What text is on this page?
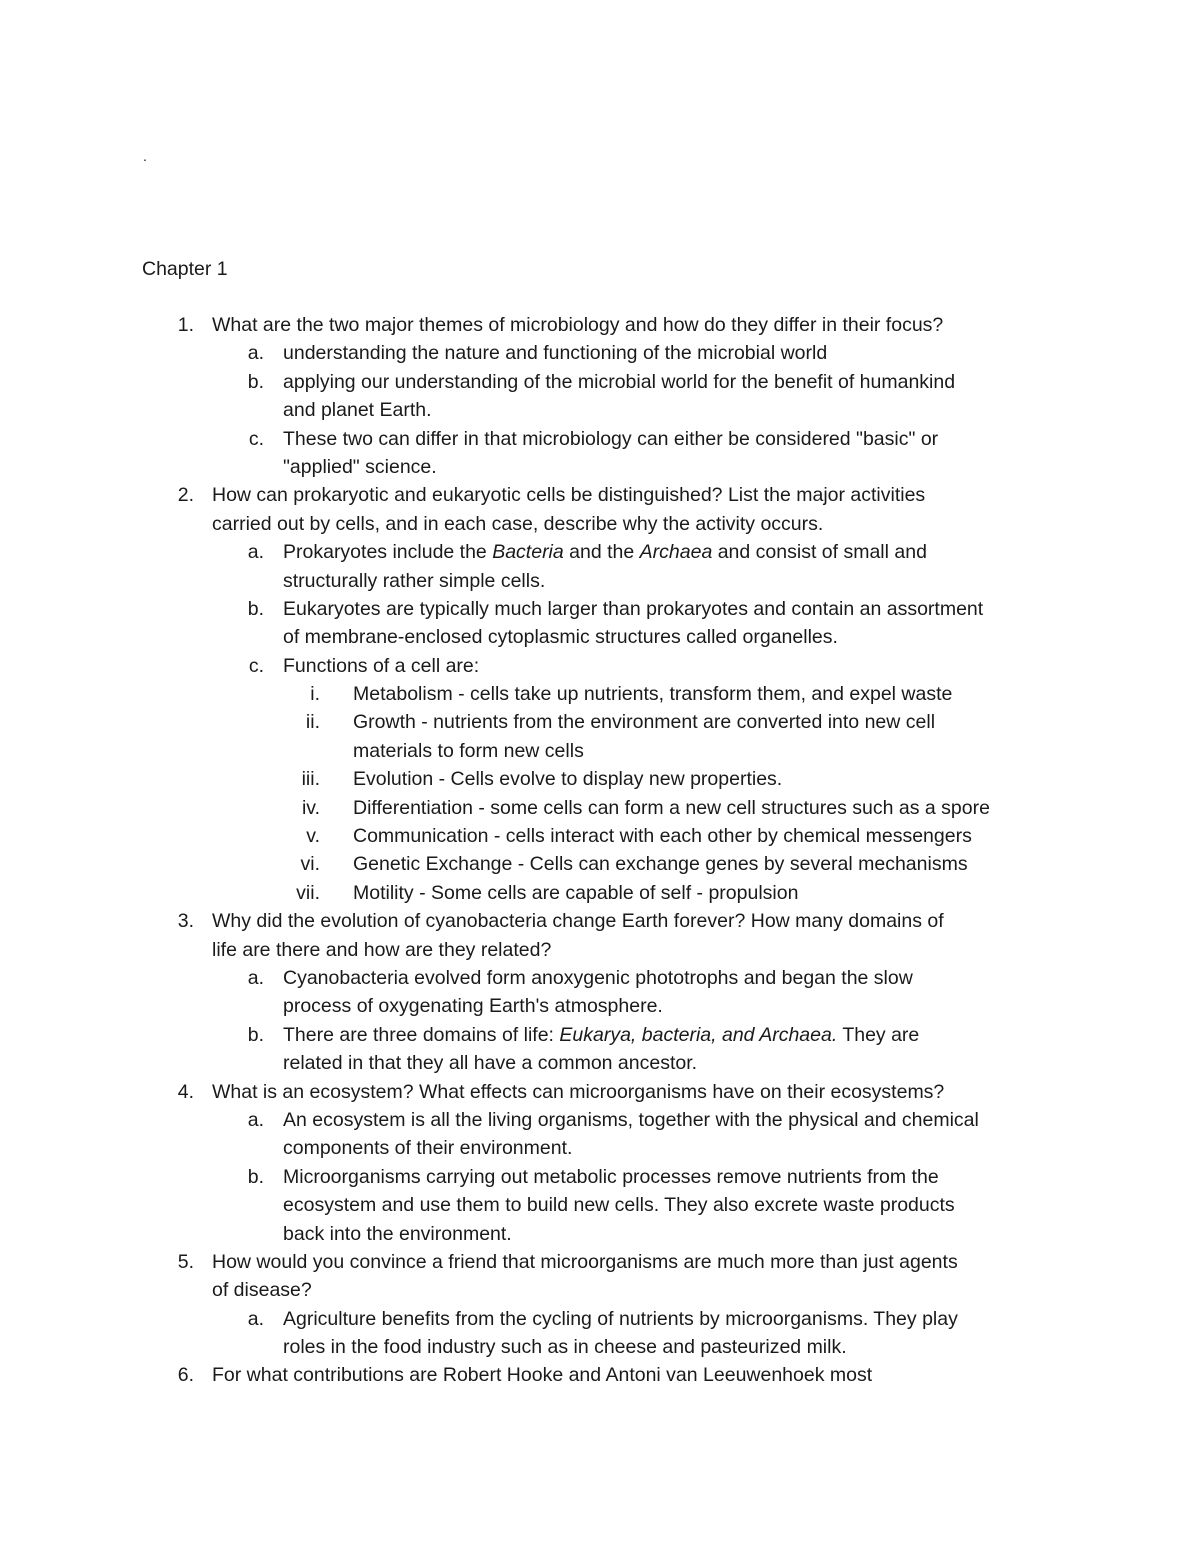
.
Chapter 1
1. What are the two major themes of microbiology and how do they differ in their focus?
a. understanding the nature and functioning of the microbial world
b. applying our understanding of the microbial world for the benefit of humankind
and planet Earth.
c. These two can differ in that microbiology can either be considered "basic" or
"applied" science.
2. How can prokaryotic and eukaryotic cells be distinguished? List the major activities
carried out by cells, and in each case, describe why the activity occurs.
a. Prokaryotes include the Bacteria and the Archaea and consist of small and
structurally rather simple cells.
b. Eukaryotes are typically much larger than prokaryotes and contain an assortment
of membrane-enclosed cytoplasmic structures called organelles.
c. Functions of a cell are:
i. Metabolism - cells take up nutrients, transform them, and expel waste
ii. Growth - nutrients from the environment are converted into new cell
materials to form new cells
iii. Evolution - Cells evolve to display new properties.
iv. Differentiation - some cells can form a new cell structures such as a spore
v. Communication - cells interact with each other by chemical messengers
vi. Genetic Exchange - Cells can exchange genes by several mechanisms
vii. Motility - Some cells are capable of self - propulsion
3. Why did the evolution of cyanobacteria change Earth forever? How many domains of
life are there and how are they related?
a. Cyanobacteria evolved form anoxygenic phototrophs and began the slow
process of oxygenating Earth's atmosphere.
b. There are three domains of life: Eukarya, bacteria, and Archaea. They are
related in that they all have a common ancestor.
4. What is an ecosystem? What effects can microorganisms have on their ecosystems?
a. An ecosystem is all the living organisms, together with the physical and chemical
components of their environment.
b. Microorganisms carrying out metabolic processes remove nutrients from the
ecosystem and use them to build new cells. They also excrete waste products
back into the environment.
5. How would you convince a friend that microorganisms are much more than just agents
of disease?
a. Agriculture benefits from the cycling of nutrients by microorganisms. They play
roles in the food industry such as in cheese and pasteurized milk.
6. For what contributions are Robert Hooke and Antoni van Leeuwenhoek most
